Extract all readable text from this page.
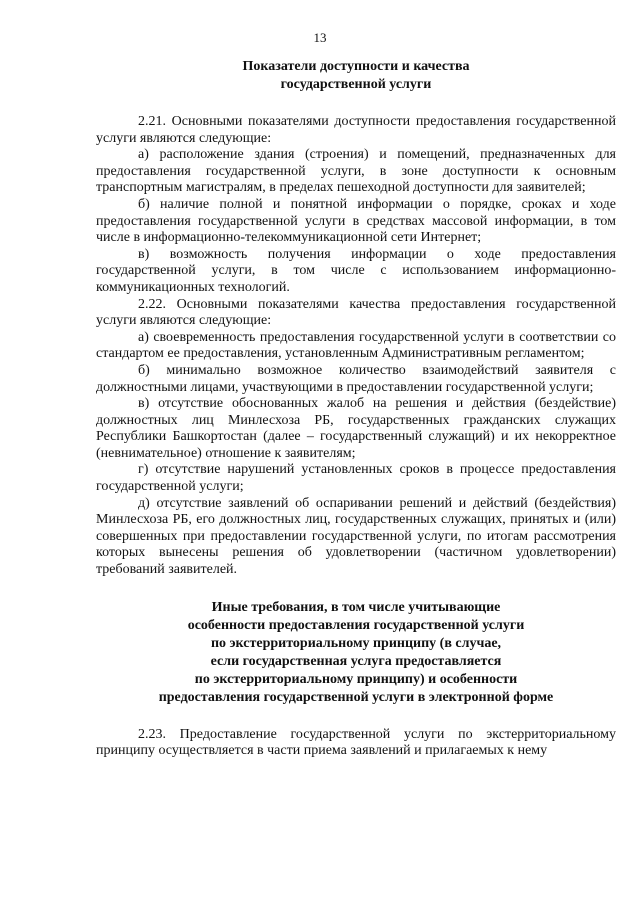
13
Показатели доступности и качества
государственной услуги

2.21. Основными показателями доступности предоставления государственной услуги являются следующие:

а) расположение здания (строения) и помещений, предназначенных для предоставления государственной услуги, в зоне доступности к основным транспортным магистралям, в пределах пешеходной доступности для заявителей;

б) наличие полной и понятной информации о порядке, сроках и ходе предоставления государственной услуги в средствах массовой информации, в том числе в информационно-телекоммуникационной сети Интернет;

в) возможность получения информации о ходе предоставления государственной услуги, в том числе с использованием информационно-коммуникационных технологий.

2.22. Основными показателями качества предоставления государственной услуги являются следующие:

а) своевременность предоставления государственной услуги в соответствии со стандартом ее предоставления, установленным Административным регламентом;

б) минимально возможное количество взаимодействий заявителя с должностными лицами, участвующими в предоставлении государственной услуги;

в) отсутствие обоснованных жалоб на решения и действия (бездействие) должностных лиц Минлесхоза РБ, государственных гражданских служащих Республики Башкортостан (далее – государственный служащий) и их некорректное (невнимательное) отношение к заявителям;

г) отсутствие нарушений установленных сроков в процессе предоставления государственной услуги;

д) отсутствие заявлений об оспаривании решений и действий (бездействия) Минлесхоза РБ, его должностных лиц, государственных служащих, принятых и (или) совершенных при предоставлении государственной услуги, по итогам рассмотрения которых вынесены решения об удовлетворении (частичном удовлетворении) требований заявителей.

Иные требования, в том числе учитывающие
особенности предоставления государственной услуги
по экстерриториальному принципу (в случае,
если государственная услуга предоставляется
по экстерриториальному принципу) и особенности
предоставления государственной услуги в электронной форме

2.23. Предоставление государственной услуги по экстерриториальному принципу осуществляется в части приема заявлений и прилагаемых к нему
